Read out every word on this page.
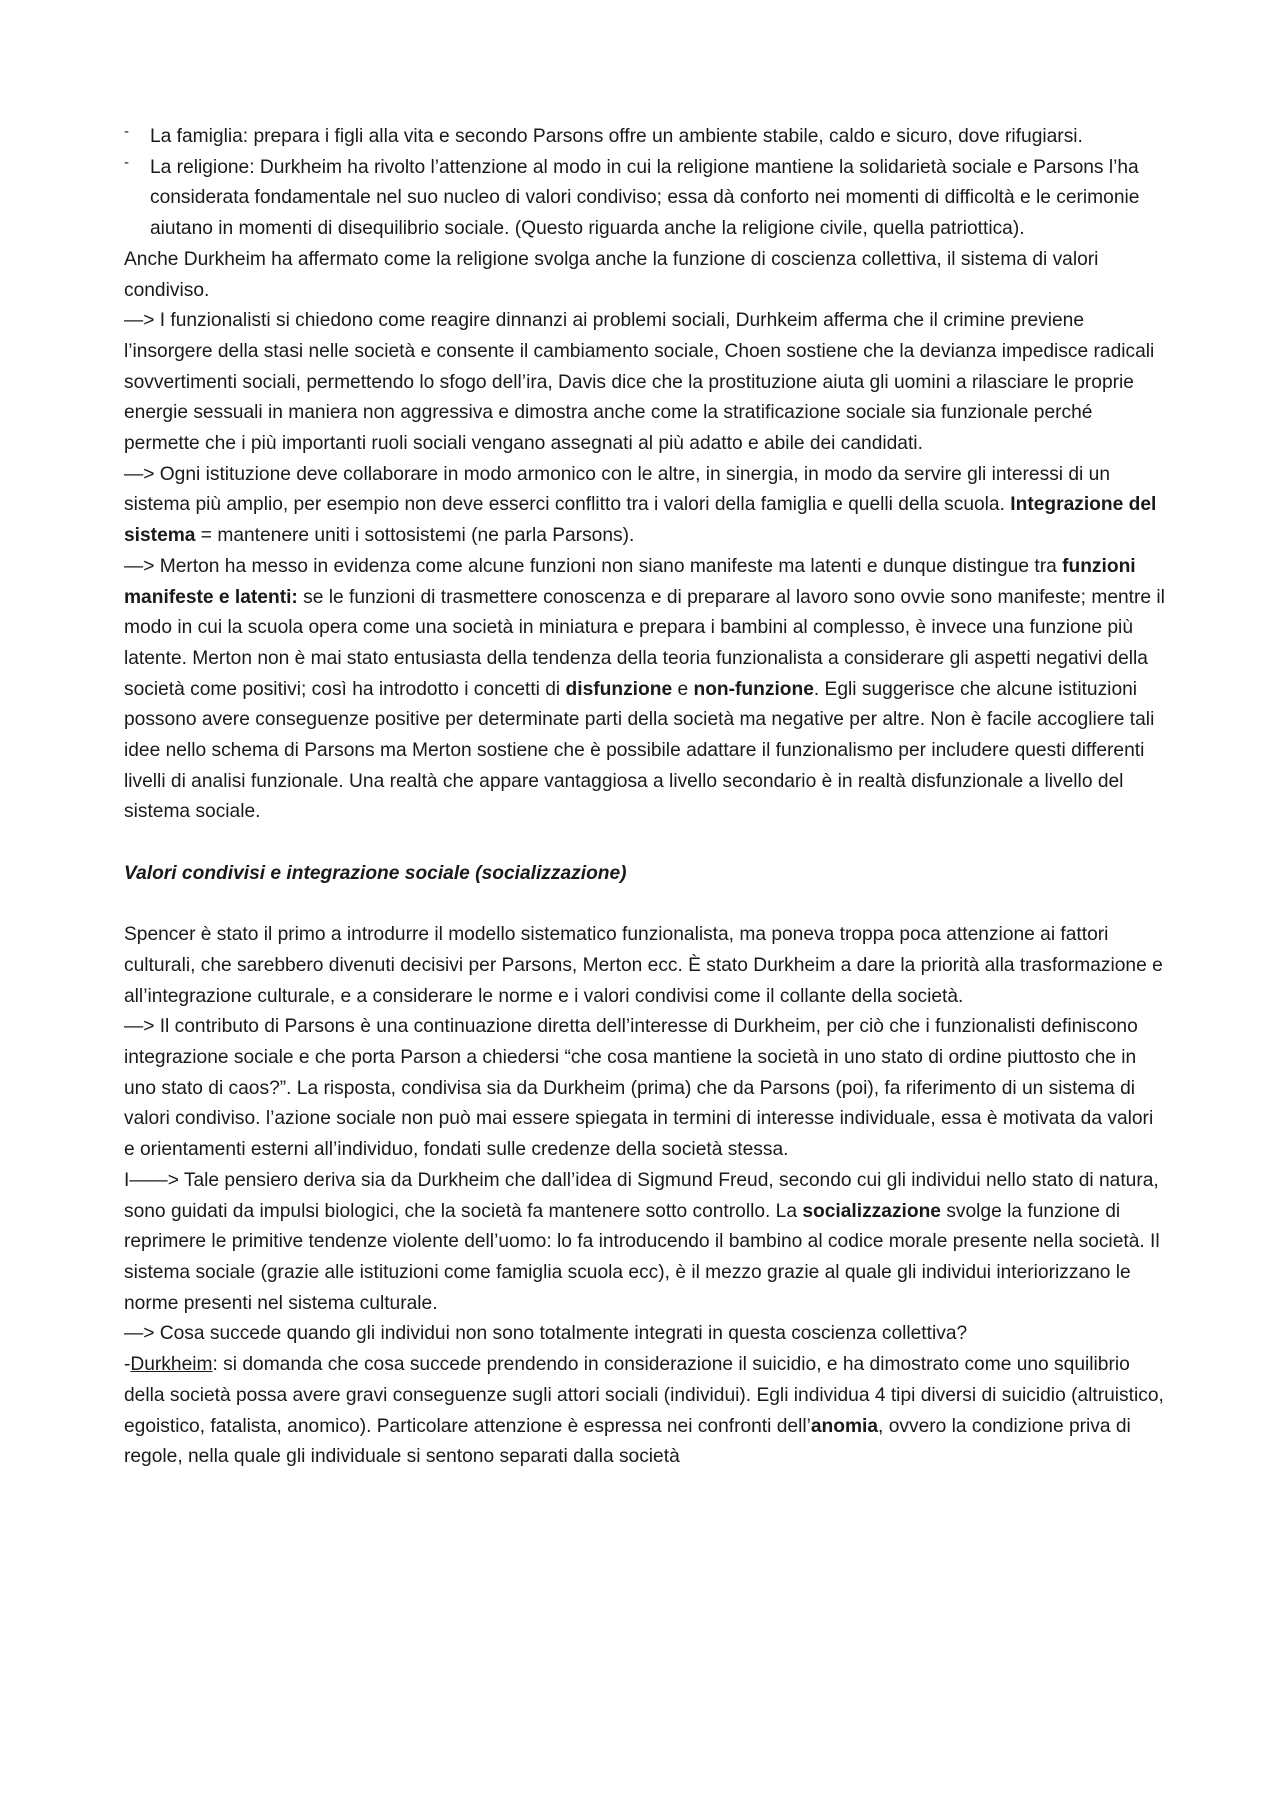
- La famiglia: prepara i figli alla vita e secondo Parsons offre un ambiente stabile, caldo e sicuro, dove rifugiarsi.
- La religione: Durkheim ha rivolto l’attenzione al modo in cui la religione mantiene la solidarietà sociale e Parsons l’ha considerata fondamentale nel suo nucleo di valori condiviso; essa dà conforto nei momenti di difficoltà e le cerimonie aiutano in momenti di disequilibrio sociale. (Questo riguarda anche la religione civile, quella patriottica).

Anche Durkheim ha affermato come la religione svolga anche la funzione di coscienza collettiva, il sistema di valori condiviso.

—> I funzionalisti si chiedono come reagire dinnanzi ai problemi sociali, Durhkeim afferma che il crimine previene l’insorgere della stasi nelle società e consente il cambiamento sociale, Choen sostiene che la devianza impedisce radicali sovvertimenti sociali, permettendo lo sfogo dell’ira, Davis dice che la prostituzione aiuta gli uomini a rilasciare le proprie energie sessuali in maniera non aggressiva e dimostra anche come la stratificazione sociale sia funzionale perché permette che i più importanti ruoli sociali vengano assegnati al più adatto e abile dei candidati.

—> Ogni istituzione deve collaborare in modo armonico con le altre, in sinergia, in modo da servire gli interessi di un sistema più amplio, per esempio non deve esserci conflitto tra i valori della famiglia e quelli della scuola. Integrazione del sistema = mantenere uniti i sottosistemi (ne parla Parsons).

—> Merton ha messo in evidenza come alcune funzioni non siano manifeste ma latenti e dunque distingue tra funzioni manifeste e latenti: se le funzioni di trasmettere conoscenza e di preparare al lavoro sono ovvie sono manifeste; mentre il modo in cui la scuola opera come una società in miniatura e prepara i bambini al complesso, è invece una funzione più latente. Merton non è mai stato entusiasta della tendenza della teoria funzionalista a considerare gli aspetti negativi della società come positivi; così ha introdotto i concetti di disfunzione e non-funzione. Egli suggerisce che alcune istituzioni possono avere conseguenze positive per determinate parti della società ma negative per altre. Non è facile accogliere tali idee nello schema di Parsons ma Merton sostiene che è possibile adattare il funzionalismo per includere questi differenti livelli di analisi funzionale. Una realtà che appare vantaggiosa a livello secondario è in realtà disfunzionale a livello del sistema sociale.

Valori condivisi e integrazione sociale (socializzazione)

Spencer è stato il primo a introdurre il modello sistematico funzionalista, ma poneva troppa poca attenzione ai fattori culturali, che sarebbero divenuti decisivi per Parsons, Merton ecc. È stato Durkheim a dare la priorità alla trasformazione e all’integrazione culturale, e a considerare le norme e i valori condivisi come il collante della società.

—> Il contributo di Parsons è una continuazione diretta dell’interesse di Durkheim, per ciò che i funzionalisti definiscono integrazione sociale e che porta Parson a chiedersi “che cosa mantiene la società in uno stato di ordine piuttosto che in uno stato di caos?”. La risposta, condivisa sia da Durkheim (prima) che da Parsons (poi), fa riferimento di un sistema di valori condiviso. l’azione sociale non può mai essere spiegata in termini di interesse individuale, essa è motivata da valori e orientamenti esterni all’individuo, fondati sulle credenze della società stessa.

I——> Tale pensiero deriva sia da Durkheim che dall’idea di Sigmund Freud, secondo cui gli individui nello stato di natura, sono guidati da impulsi biologici, che la società fa mantenere sotto controllo. La socializzazione svolge la funzione di reprimere le primitive tendenze violente dell’uomo: lo fa introducendo il bambino al codice morale presente nella società. Il sistema sociale (grazie alle istituzioni come famiglia scuola ecc), è il mezzo grazie al quale gli individui interiorizzano le norme presenti nel sistema culturale.

—> Cosa succede quando gli individui non sono totalmente integrati in questa coscienza collettiva?

-Durkheim: si domanda che cosa succede prendendo in considerazione il suicidio, e ha dimostrato come uno squilibrio della società possa avere gravi conseguenze sugli attori sociali (individui). Egli individua 4 tipi diversi di suicidio (altruistico, egoistico, fatalista, anomico). Particolare attenzione è espressa nei confronti dell’anomia, ovvero la condizione priva di regole, nella quale gli individuale si sentono separati dalla società
